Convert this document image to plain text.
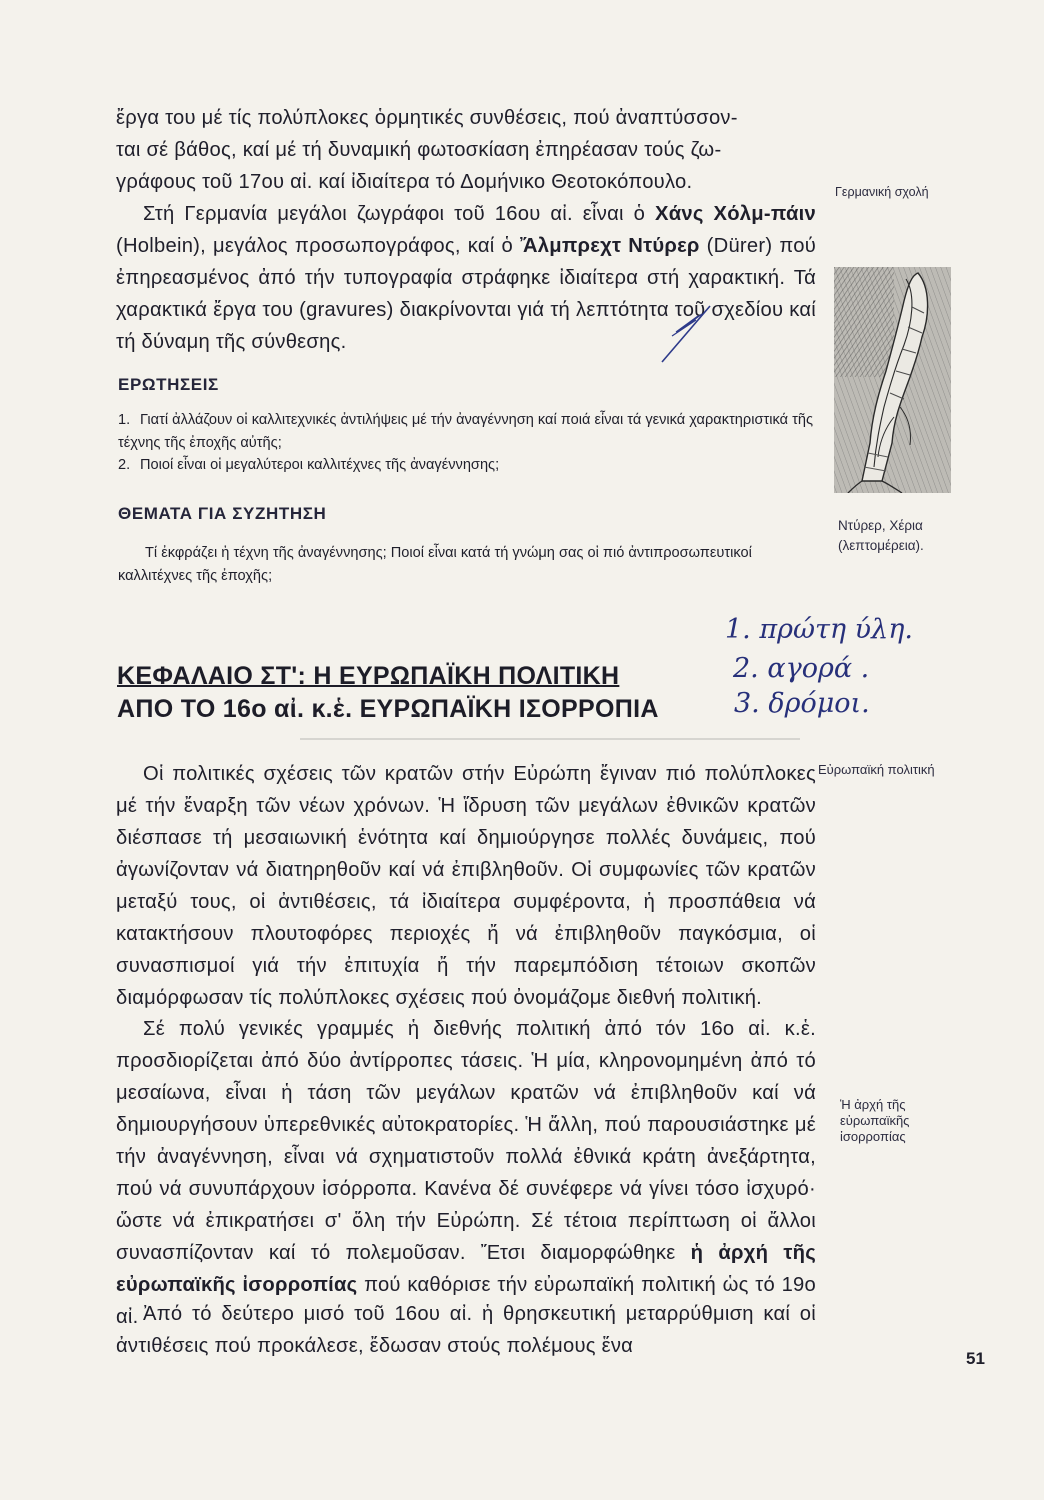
ἔργα του μέ τίς πολύπλοκες ὁρμητικές συνθέσεις, πού ἀναπτύσσον-
ται σέ βάθος, καί μέ τή δυναμική φωτοσκίαση ἐπηρέασαν τούς ζω-
γράφους τοῦ 17ου αἰ. καί ἰδιαίτερα τό Δομήνικο Θεοτοκόπουλο.

Στή Γερμανία μεγάλοι ζωγράφοι τοῦ 16ου αἰ. εἶναι ὁ Χάνς Χόλμ-πάιν (Holbein), μεγάλος προσωπογράφος, καί ὁ Ἄλμπρεχτ Ντύρερ (Dürer) πού ἐπηρεασμένος ἀπό τήν τυπογραφία στράφηκε ἰδιαίτερα στή χαρακτική. Τά χαρακτικά ἔργα του (gravures) διακρίνονται γιά τή λεπτότητα τοῦ σχεδίου καί τή δύναμη τῆς σύνθεσης.

ΕΡΩΤΗΣΕΙΣ

1. Γιατί ἀλλάζουν οἱ καλλιτεχνικές ἀντιλήψεις μέ τήν ἀναγέννηση καί ποιά εἶναι τά γενικά χαρακτηριστικά τῆς τέχνης τῆς ἐποχῆς αὐτῆς;

2. Ποιοί εἶναι οἱ μεγαλύτεροι καλλιτέχνες τῆς ἀναγέννησης;

ΘΕΜΑΤΑ ΓΙΑ ΣΥΖΗΤΗΣΗ

Τί ἐκφράζει ἡ τέχνη τῆς ἀναγέννησης; Ποιοί εἶναι κατά τή γνώμη σας οἱ πιό ἀντιπροσωπευτικοί καλλιτέχνες τῆς ἐποχῆς;

ΚΕΦΑΛΑΙΟ ΣΤ': Η ΕΥΡΩΠΑΪΚΗ ΠΟΛΙΤΙΚΗ
ΑΠΟ ΤΟ 16ο αἰ. κ.ἑ. ΕΥΡΩΠΑΪΚΗ ΙΣΟΡΡΟΠΙΑ

Οἱ πολιτικές σχέσεις τῶν κρατῶν στήν Εὐρώπη ἔγιναν πιό πολύπλοκες μέ τήν ἔναρξη τῶν νέων χρόνων. Ἡ ἵδρυση τῶν μεγάλων ἐθνικῶν κρατῶν διέσπασε τή μεσαιωνική ἑνότητα καί δημιούργησε πολλές δυνάμεις, πού ἀγωνίζονταν νά διατηρηθοῦν καί νά ἐπιβληθοῦν. Οἱ συμφωνίες τῶν κρατῶν μεταξύ τους, οἱ ἀντιθέσεις, τά ἰδιαίτερα συμφέροντα, ἡ προσπάθεια νά κατακτήσουν πλουτοφόρες περιοχές ἤ νά ἐπιβληθοῦν παγκόσμια, οἱ συνασπισμοί γιά τήν ἐπιτυχία ἤ τήν παρεμπόδιση τέτοιων σκοπῶν διαμόρφωσαν τίς πολύπλοκες σχέσεις πού ὀνομάζομε διεθνή πολιτική.

Σέ πολύ γενικές γραμμές ἡ διεθνής πολιτική ἀπό τόν 16ο αἰ. κ.ἑ. προσδιορίζεται ἀπό δύο ἀντίρροπες τάσεις. Ἡ μία, κληρονομημένη ἀπό τό μεσαίωνα, εἶναι ἡ τάση τῶν μεγάλων κρατῶν νά ἐπιβληθοῦν καί νά δημιουργήσουν ὑπερεθνικές αὐτοκρατορίες. Ἡ ἄλλη, πού παρουσιάστηκε μέ τήν ἀναγέννηση, εἶναι νά σχηματιστοῦν πολλά ἐθνικά κράτη ἀνεξάρτητα, πού νά συνυπάρχουν ἰσόρροπα. Κανένα δέ συνέφερε νά γίνει τόσο ἰσχυρό· ὥστε νά ἐπικρατήσει σ' ὅλη τήν Εὐρώπη. Σέ τέτοια περίπτωση οἱ ἄλλοι συνασπίζονταν καί τό πολεμοῦσαν. Ἔτσι διαμορφώθηκε ἡ ἀρχή τῆς εὐρωπαϊκῆς ἰσορροπίας πού καθόρισε τήν εὐρωπαϊκή πολιτική ὡς τό 19ο αἰ. Ἀπό τό δεύτερο μισό τοῦ 16ου αἰ. ἡ θρησκευτική μεταρρύθμιση καί οἱ ἀντιθέσεις πού προκάλεσε, ἔδωσαν στούς πολέμους ἕνα

Γερμανική σχολή
Ντύρερ, Χέρια
(λεπτομέρεια).
Εὐρωπαϊκή πολιτική
Ἡ ἀρχή τῆς εὐρωπαϊκῆς ἰσορροπίας
1. πρώτη ύλη.
2. αγορά .
3. δρόμοι.
51
